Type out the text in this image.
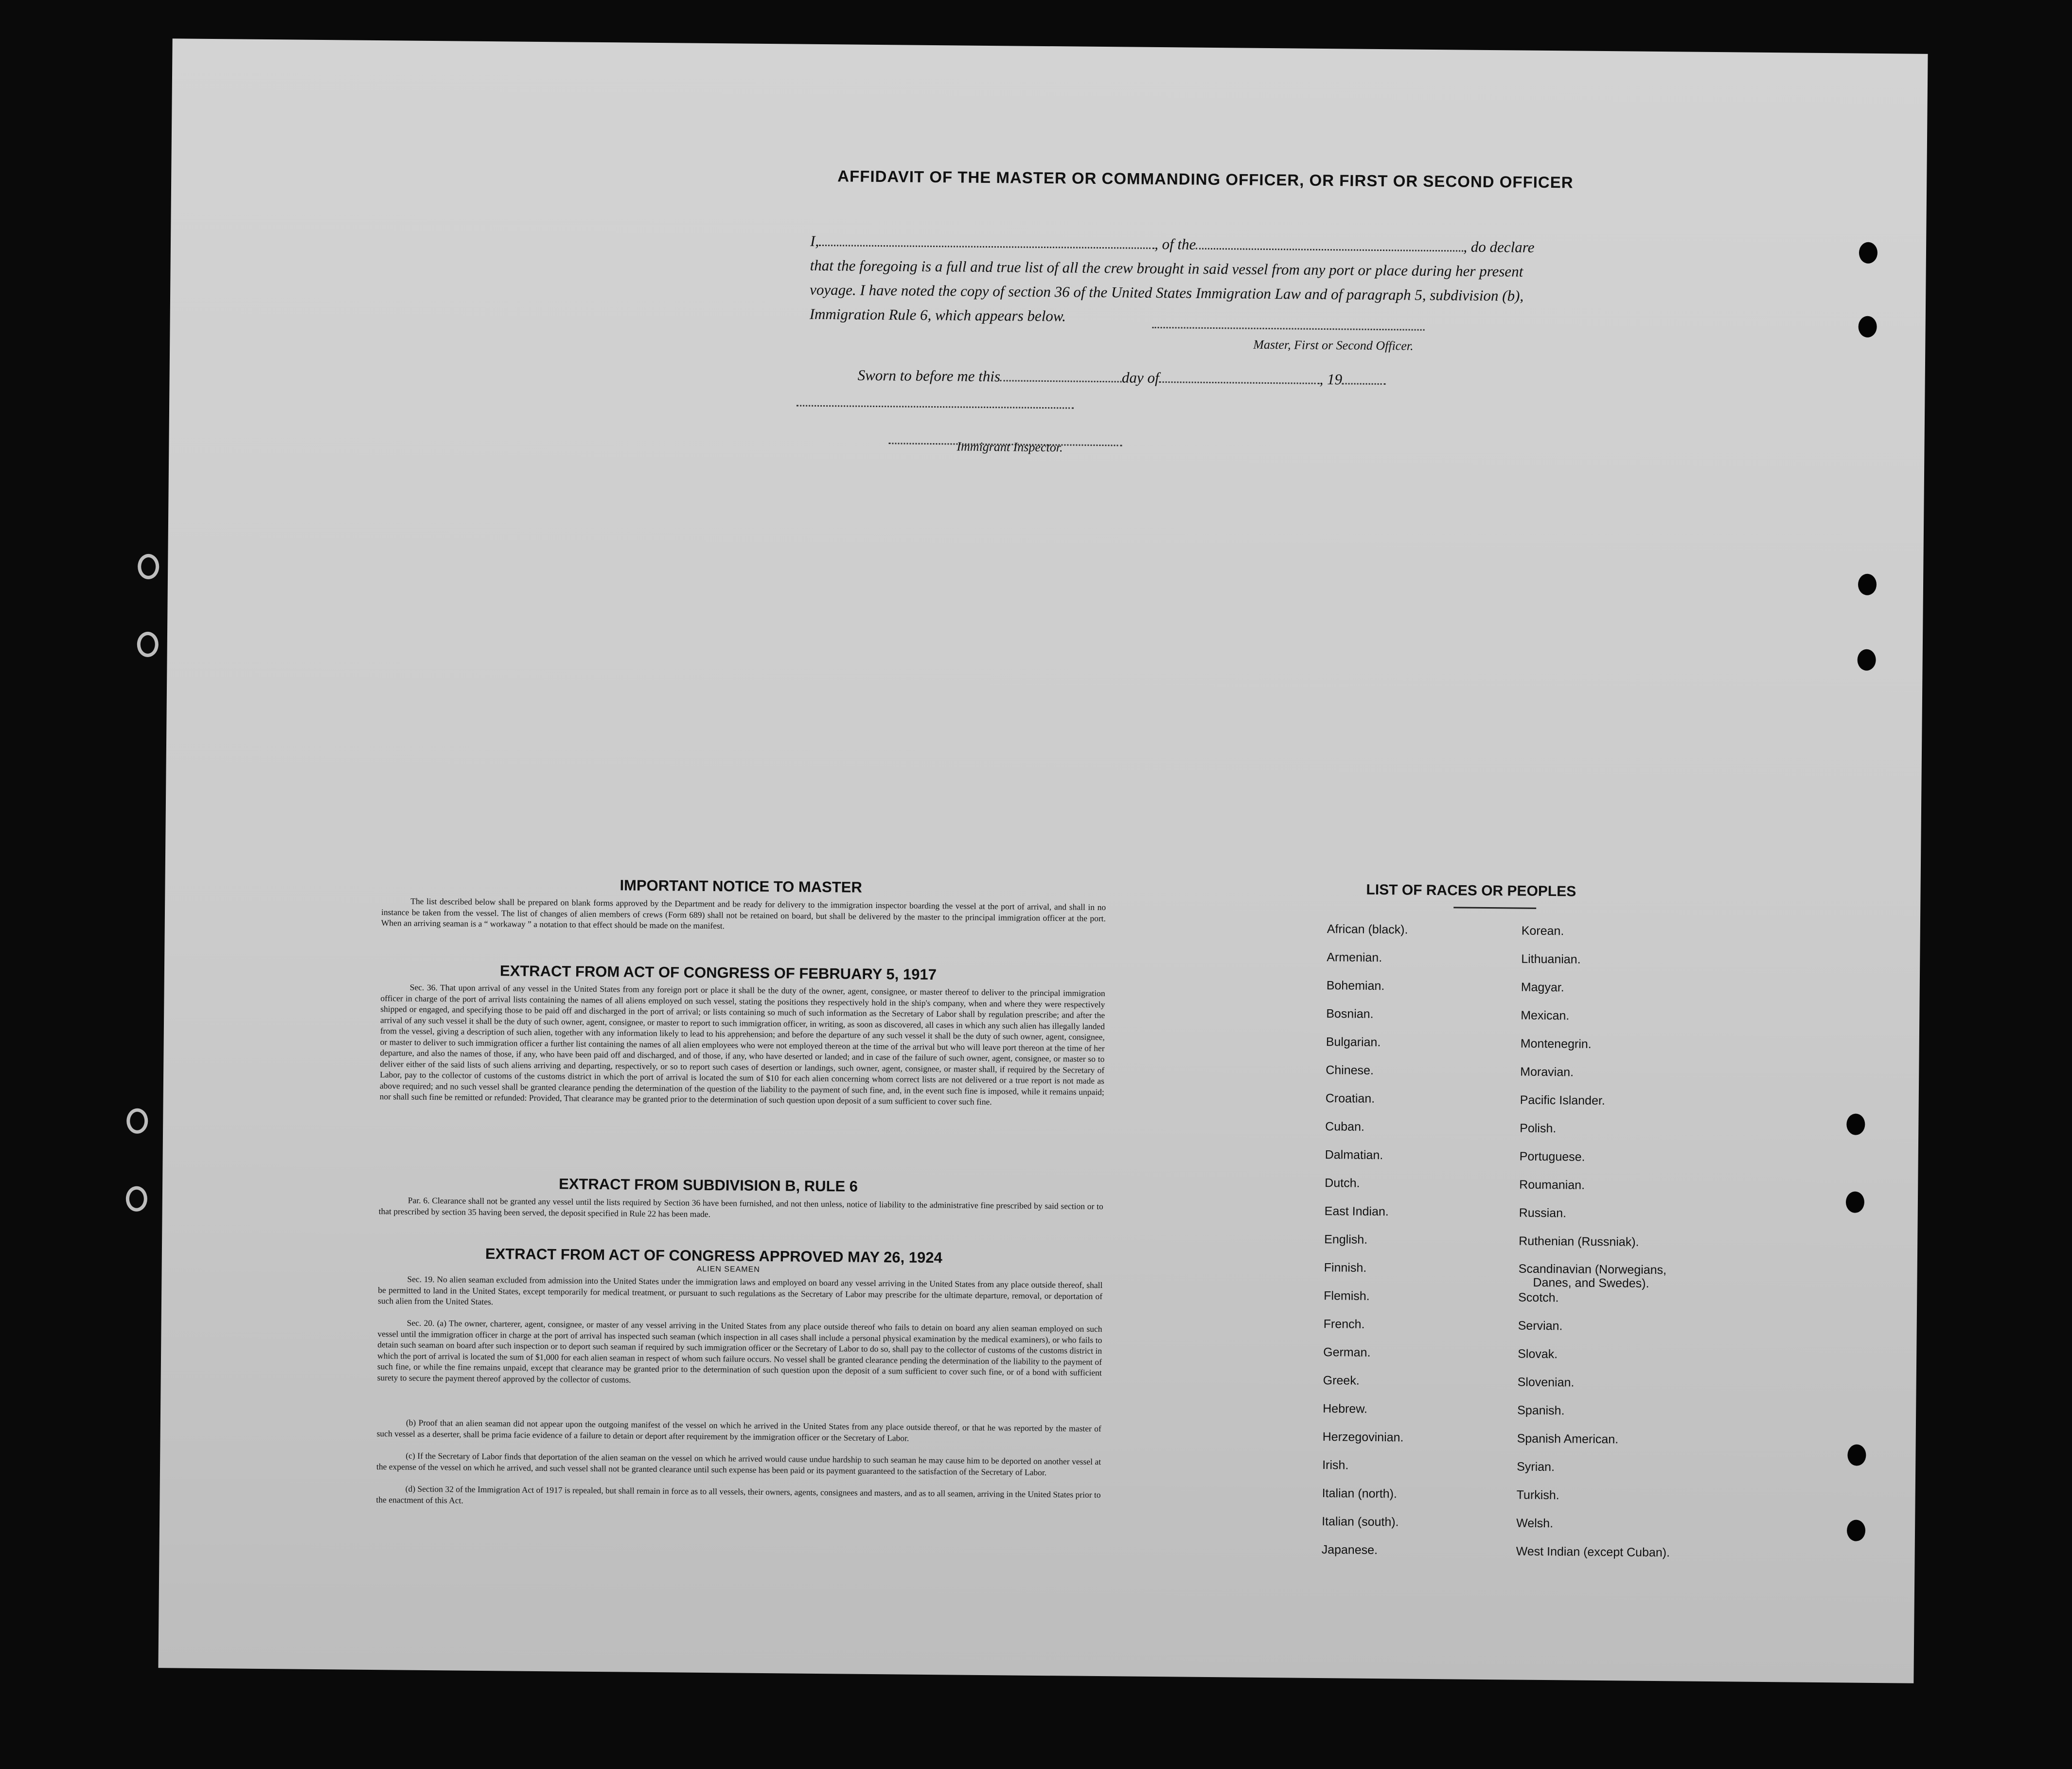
AFFIDAVIT OF THE MASTER OR COMMANDING OFFICER, OR FIRST OR SECOND OFFICER
I,	, of the	, do declare
that the foregoing is a full and true list of all the crew brought in said vessel from any port or place during her present
voyage. I have noted the copy of section 36 of the United States Immigration Law and of paragraph 5, subdivision (b),
Immigration Rule 6, which appears below.
Master, First or Second Officer.
Sworn to before me this	day of	, 19
Immigrant Inspector.
IMPORTANT NOTICE TO MASTER
The list described below shall be prepared on blank forms approved by the Department and be ready for delivery to the immigration inspector boarding the vessel at the port of arrival, and shall in no instance be taken from the vessel. The list of changes of alien members of crews (Form 689) shall not be retained on board, but shall be delivered by the master to the principal immigration officer at the port. When an arriving seaman is a “ workaway ” a notation to that effect should be made on the manifest.
EXTRACT FROM ACT OF CONGRESS OF FEBRUARY 5, 1917
Sec. 36. That upon arrival of any vessel in the United States from any foreign port or place it shall be the duty of the owner, agent, consignee, or master thereof to deliver to the principal immigration officer in charge of the port of arrival lists containing the names of all aliens employed on such vessel, stating the positions they respectively hold in the ship's company, when and where they were respectively shipped or engaged, and specifying those to be paid off and discharged in the port of arrival; or lists containing so much of such information as the Secretary of Labor shall by regulation prescribe; and after the arrival of any such vessel it shall be the duty of such owner, agent, consignee, or master to report to such immigration officer, in writing, as soon as discovered, all cases in which any such alien has illegally landed from the vessel, giving a description of such alien, together with any information likely to lead to his apprehension; and before the departure of any such vessel it shall be the duty of such owner, agent, consignee, or master to deliver to such immigration officer a further list containing the names of all alien employees who were not employed thereon at the time of the arrival but who will leave port thereon at the time of her departure, and also the names of those, if any, who have been paid off and discharged, and of those, if any, who have deserted or landed; and in case of the failure of such owner, agent, consignee, or master so to deliver either of the said lists of such aliens arriving and departing, respectively, or so to report such cases of desertion or landings, such owner, agent, consignee, or master shall, if required by the Secretary of Labor, pay to the collector of customs of the customs district in which the port of arrival is located the sum of $10 for each alien concerning whom correct lists are not delivered or a true report is not made as above required; and no such vessel shall be granted clearance pending the determination of the question of the liability to the payment of such fine, and, in the event such fine is imposed, while it remains unpaid; nor shall such fine be remitted or refunded: Provided, That clearance may be granted prior to the determination of such question upon deposit of a sum sufficient to cover such fine.
EXTRACT FROM SUBDIVISION B, RULE 6
Par. 6. Clearance shall not be granted any vessel until the lists required by Section 36 have been furnished, and not then unless, notice of liability to the administrative fine prescribed by said section or to that prescribed by section 35 having been served, the deposit specified in Rule 22 has been made.
EXTRACT FROM ACT OF CONGRESS APPROVED MAY 26, 1924
ALIEN SEAMEN
Sec. 19. No alien seaman excluded from admission into the United States under the immigration laws and employed on board any vessel arriving in the United States from any place outside thereof, shall be permitted to land in the United States, except temporarily for medical treatment, or pursuant to such regulations as the Secretary of Labor may prescribe for the ultimate departure, removal, or deportation of such alien from the United States.
Sec. 20. (a) The owner, charterer, agent, consignee, or master of any vessel arriving in the United States from any place outside thereof who fails to detain on board any alien seaman employed on such vessel until the immigration officer in charge at the port of arrival has inspected such seaman (which inspection in all cases shall include a personal physical examination by the medical examiners), or who fails to detain such seaman on board after such inspection or to deport such seaman if required by such immigration officer or the Secretary of Labor to do so, shall pay to the collector of customs of the customs district in which the port of arrival is located the sum of $1,000 for each alien seaman in respect of whom such failure occurs. No vessel shall be granted clearance pending the determination of the liability to the payment of such fine, or while the fine remains unpaid, except that clearance may be granted prior to the determination of such question upon the deposit of a sum sufficient to cover such fine, or of a bond with sufficient surety to secure the payment thereof approved by the collector of customs.
(b) Proof that an alien seaman did not appear upon the outgoing manifest of the vessel on which he arrived in the United States from any place outside thereof, or that he was reported by the master of such vessel as a deserter, shall be prima facie evidence of a failure to detain or deport after requirement by the immigration officer or the Secretary of Labor.
(c) If the Secretary of Labor finds that deportation of the alien seaman on the vessel on which he arrived would cause undue hardship to such seaman he may cause him to be deported on another vessel at the expense of the vessel on which he arrived, and such vessel shall not be granted clearance until such expense has been paid or its payment guaranteed to the satisfaction of the Secretary of Labor.
(d) Section 32 of the Immigration Act of 1917 is repealed, but shall remain in force as to all vessels, their owners, agents, consignees and masters, and as to all seamen, arriving in the United States prior to the enactment of this Act.
LIST OF RACES OR PEOPLES
African (black).
Armenian.
Bohemian.
Bosnian.
Bulgarian.
Chinese.
Croatian.
Cuban.
Dalmatian.
Dutch.
East Indian.
English.
Finnish.
Flemish.
French.
German.
Greek.
Hebrew.
Herzegovinian.
Irish.
Italian (north).
Italian (south).
Japanese.
Korean.
Lithuanian.
Magyar.
Mexican.
Montenegrin.
Moravian.
Pacific Islander.
Polish.
Portuguese.
Roumanian.
Russian.
Ruthenian (Russniak).
Scandinavian (Norwegians,
Danes, and Swedes).
Scotch.
Servian.
Slovak.
Slovenian.
Spanish.
Spanish American.
Syrian.
Turkish.
Welsh.
West Indian (except Cuban).
